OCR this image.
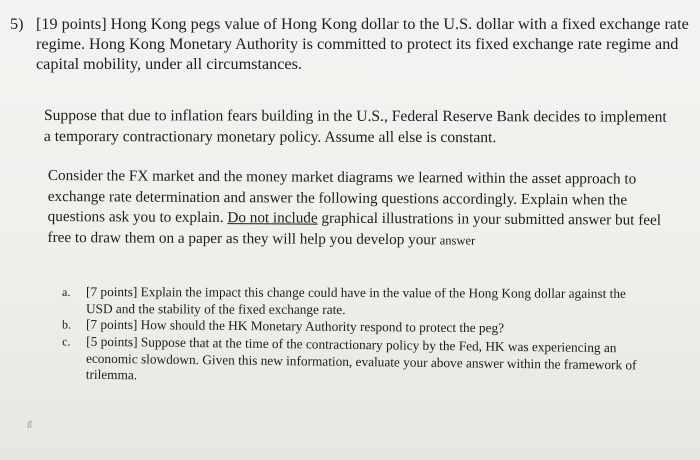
5) [19 points] Hong Kong pegs value of Hong Kong dollar to the U.S. dollar with a fixed exchange rate regime. Hong Kong Monetary Authority is committed to protect its fixed exchange rate regime and capital mobility, under all circumstances.
Suppose that due to inflation fears building in the U.S., Federal Reserve Bank decides to implement a temporary contractionary monetary policy. Assume all else is constant.
Consider the FX market and the money market diagrams we learned within the asset approach to exchange rate determination and answer the following questions accordingly. Explain when the questions ask you to explain. Do not include graphical illustrations in your submitted answer but feel free to draw them on a paper as they will help you develop your answer
a. [7 points] Explain the impact this change could have in the value of the Hong Kong dollar against the USD and the stability of the fixed exchange rate.
b. [7 points] How should the HK Monetary Authority respond to protect the peg?
c. [5 points] Suppose that at the time of the contractionary policy by the Fed, HK was experiencing an economic slowdown. Given this new information, evaluate your above answer within the framework of trilemma.
ß
